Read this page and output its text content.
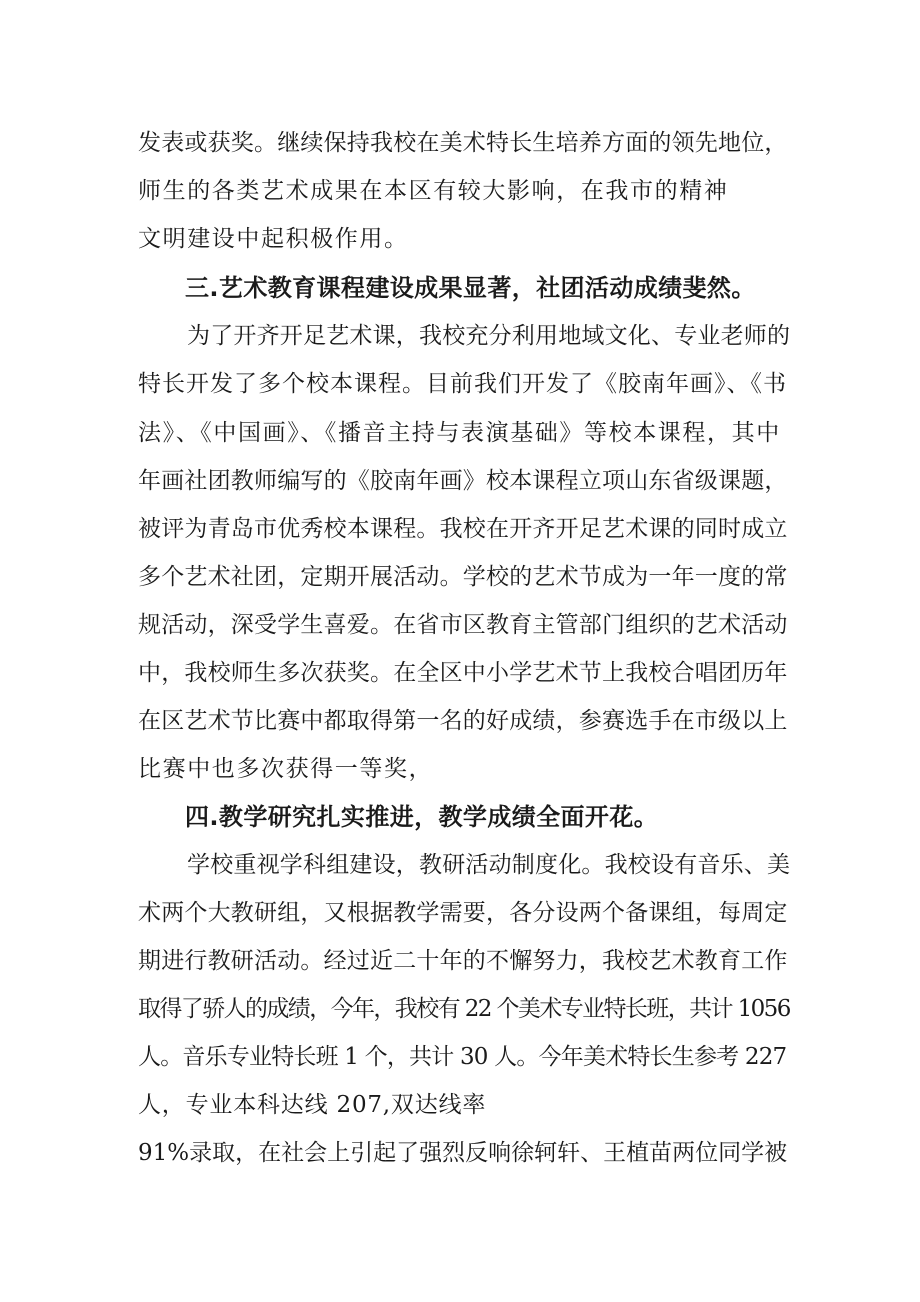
发表或获奖。继续保持我校在美术特长生培养方面的领先地位，
师生的各类艺术成果在本区有较大影响，在我市的精神
文明建设中起积极作用。
三.艺术教育课程建设成果显著，社团活动成绩斐然。
为了开齐开足艺术课，我校充分利用地域文化、专业老师的
特长开发了多个校本课程。目前我们开发了《胶南年画》、《书
法》、《中国画》、《播音主持与表演基础》等校本课程，其中
年画社团教师编写的《胶南年画》校本课程立项山东省级课题，
被评为青岛市优秀校本课程。我校在开齐开足艺术课的同时成立
多个艺术社团，定期开展活动。学校的艺术节成为一年一度的常
规活动，深受学生喜爱。在省市区教育主管部门组织的艺术活动
中，我校师生多次获奖。在全区中小学艺术节上我校合唱团历年
在区艺术节比赛中都取得第一名的好成绩，参赛选手在市级以上
比赛中也多次获得一等奖，
四.教学研究扎实推进，教学成绩全面开花。
学校重视学科组建设，教研活动制度化。我校设有音乐、美
术两个大教研组，又根据教学需要，各分设两个备课组，每周定
期进行教研活动。经过近二十年的不懈努力，我校艺术教育工作
取得了骄人的成绩，今年，我校有 22 个美术专业特长班，共计 1056
人。音乐专业特长班 1 个，共计 30 人。今年美术特长生参考 227
人，专业本科达线 207,双达线率
91%录取，在社会上引起了强烈反响徐轲轩、王植苗两位同学被
